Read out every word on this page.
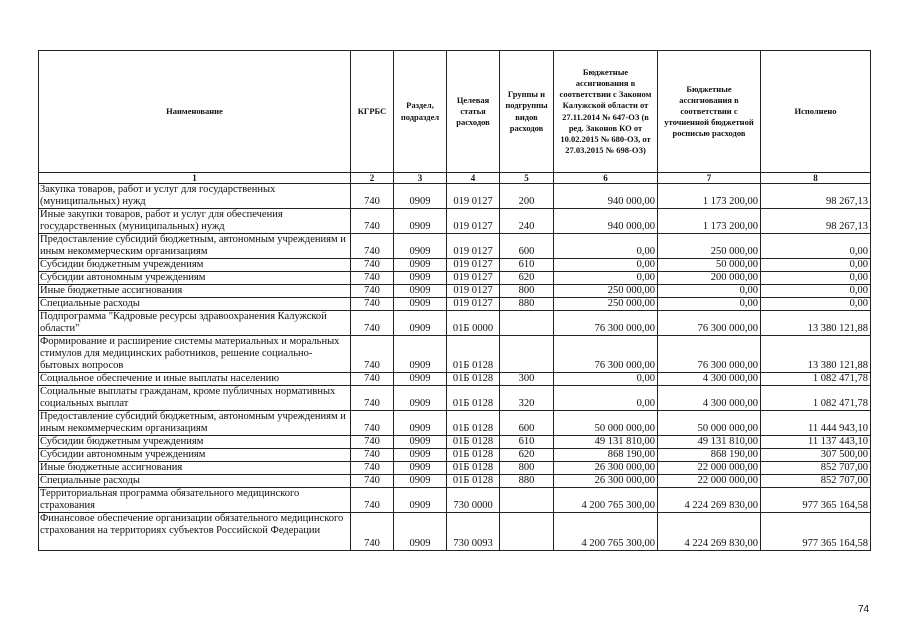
Наименование	КГРБС	Раздел, подраздел	Целевая статья расходов	Группы и подгруппы видов расходов	Бюджетные ассигнования в соответствии с Законом Калужской области от 27.11.2014 № 647-ОЗ (в ред. Законов КО от 10.02.2015 № 680-ОЗ, от 27.03.2015 № 698-ОЗ)	Бюджетные ассигнования в соответствии с уточненной бюджетной росписью расходов	Исполнено
1	2	3	4	5	6	7	8
Закупка товаров, работ и услуг для государственных (муниципальных) нужд	740	0909	019 0127	200	940 000,00	1 173 200,00	98 267,13
Иные закупки товаров, работ и услуг для обеспечения государственных (муниципальных) нужд	740	0909	019 0127	240	940 000,00	1 173 200,00	98 267,13
Предоставление субсидий бюджетным, автономным учреждениям и иным некоммерческим организациям	740	0909	019 0127	600	0,00	250 000,00	0,00
Субсидии бюджетным учреждениям	740	0909	019 0127	610	0,00	50 000,00	0,00
Субсидии автономным учреждениям	740	0909	019 0127	620	0,00	200 000,00	0,00
Иные бюджетные ассигнования	740	0909	019 0127	800	250 000,00	0,00	0,00
Специальные расходы	740	0909	019 0127	880	250 000,00	0,00	0,00
Подпрограмма "Кадровые ресурсы здравоохранения Калужской области"	740	0909	01Б 0000		76 300 000,00	76 300 000,00	13 380 121,88
Формирование и расширение системы материальных и моральных стимулов для медицинских работников, решение социально-бытовых вопросов	740	0909	01Б 0128		76 300 000,00	76 300 000,00	13 380 121,88
Социальное обеспечение и иные выплаты населению	740	0909	01Б 0128	300	0,00	4 300 000,00	1 082 471,78
Социальные выплаты гражданам, кроме публичных нормативных социальных выплат	740	0909	01Б 0128	320	0,00	4 300 000,00	1 082 471,78
Предоставление субсидий бюджетным, автономным учреждениям и иным некоммерческим организациям	740	0909	01Б 0128	600	50 000 000,00	50 000 000,00	11 444 943,10
Субсидии бюджетным учреждениям	740	0909	01Б 0128	610	49 131 810,00	49 131 810,00	11 137 443,10
Субсидии автономным учреждениям	740	0909	01Б 0128	620	868 190,00	868 190,00	307 500,00
Иные бюджетные ассигнования	740	0909	01Б 0128	800	26 300 000,00	22 000 000,00	852 707,00
Специальные расходы	740	0909	01Б 0128	880	26 300 000,00	22 000 000,00	852 707,00
Территориальная программа обязательного медицинского страхования	740	0909	730 0000		4 200 765 300,00	4 224 269 830,00	977 365 164,58
Финансовое обеспечение организации обязательного медицинского страхования на территориях субъектов Российской Федерации	740	0909	730 0093		4 200 765 300,00	4 224 269 830,00	977 365 164,58
74
